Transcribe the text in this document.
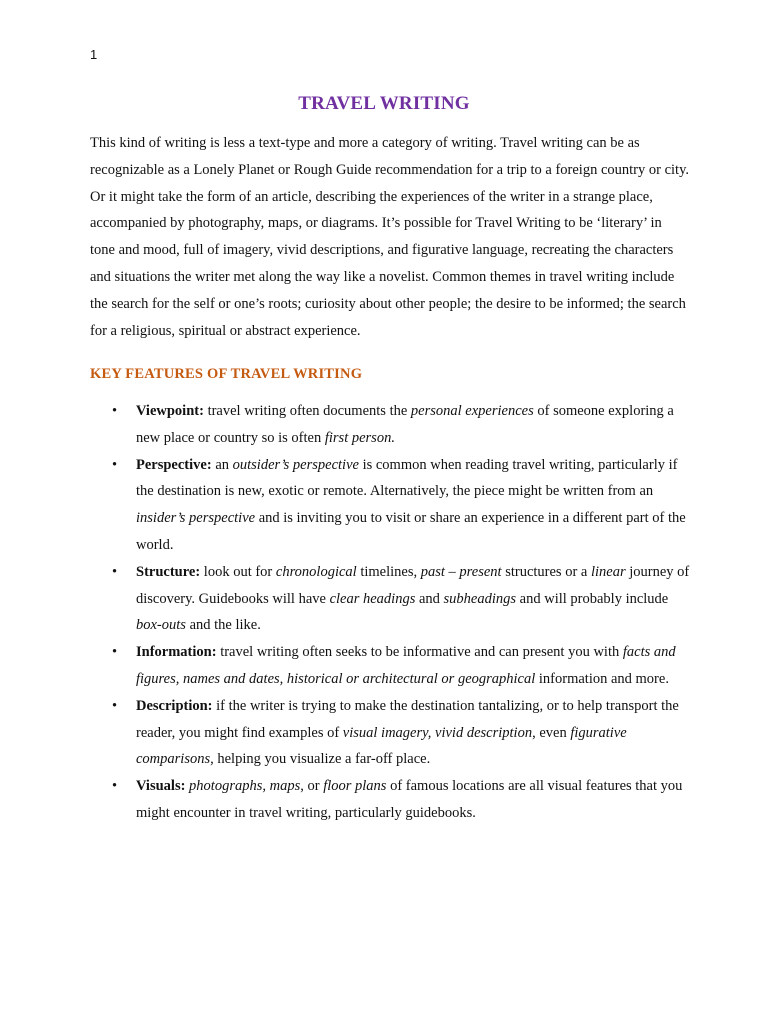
1
TRAVEL WRITING

This kind of writing is less a text-type and more a category of writing. Travel writing can be as recognizable as a Lonely Planet or Rough Guide recommendation for a trip to a foreign country or city. Or it might take the form of an article, describing the experiences of the writer in a strange place, accompanied by photography, maps, or diagrams. It’s possible for Travel Writing to be ‘literary’ in tone and mood, full of imagery, vivid descriptions, and figurative language, recreating the characters and situations the writer met along the way like a novelist. Common themes in travel writing include the search for the self or one’s roots; curiosity about other people; the desire to be informed; the search for a religious, spiritual or abstract experience.

KEY FEATURES OF TRAVEL WRITING
• Viewpoint: travel writing often documents the personal experiences of someone exploring a new place or country so is often first person.
• Perspective: an outsider’s perspective is common when reading travel writing, particularly if the destination is new, exotic or remote. Alternatively, the piece might be written from an insider’s perspective and is inviting you to visit or share an experience in a different part of the world.
• Structure: look out for chronological timelines, past – present structures or a linear journey of discovery. Guidebooks will have clear headings and subheadings and will probably include box-outs and the like.
• Information: travel writing often seeks to be informative and can present you with facts and figures, names and dates, historical or architectural or geographical information and more.
• Description: if the writer is trying to make the destination tantalizing, or to help transport the reader, you might find examples of visual imagery, vivid description, even figurative comparisons, helping you visualize a far-off place.
• Visuals: photographs, maps, or floor plans of famous locations are all visual features that you might encounter in travel writing, particularly guidebooks.
